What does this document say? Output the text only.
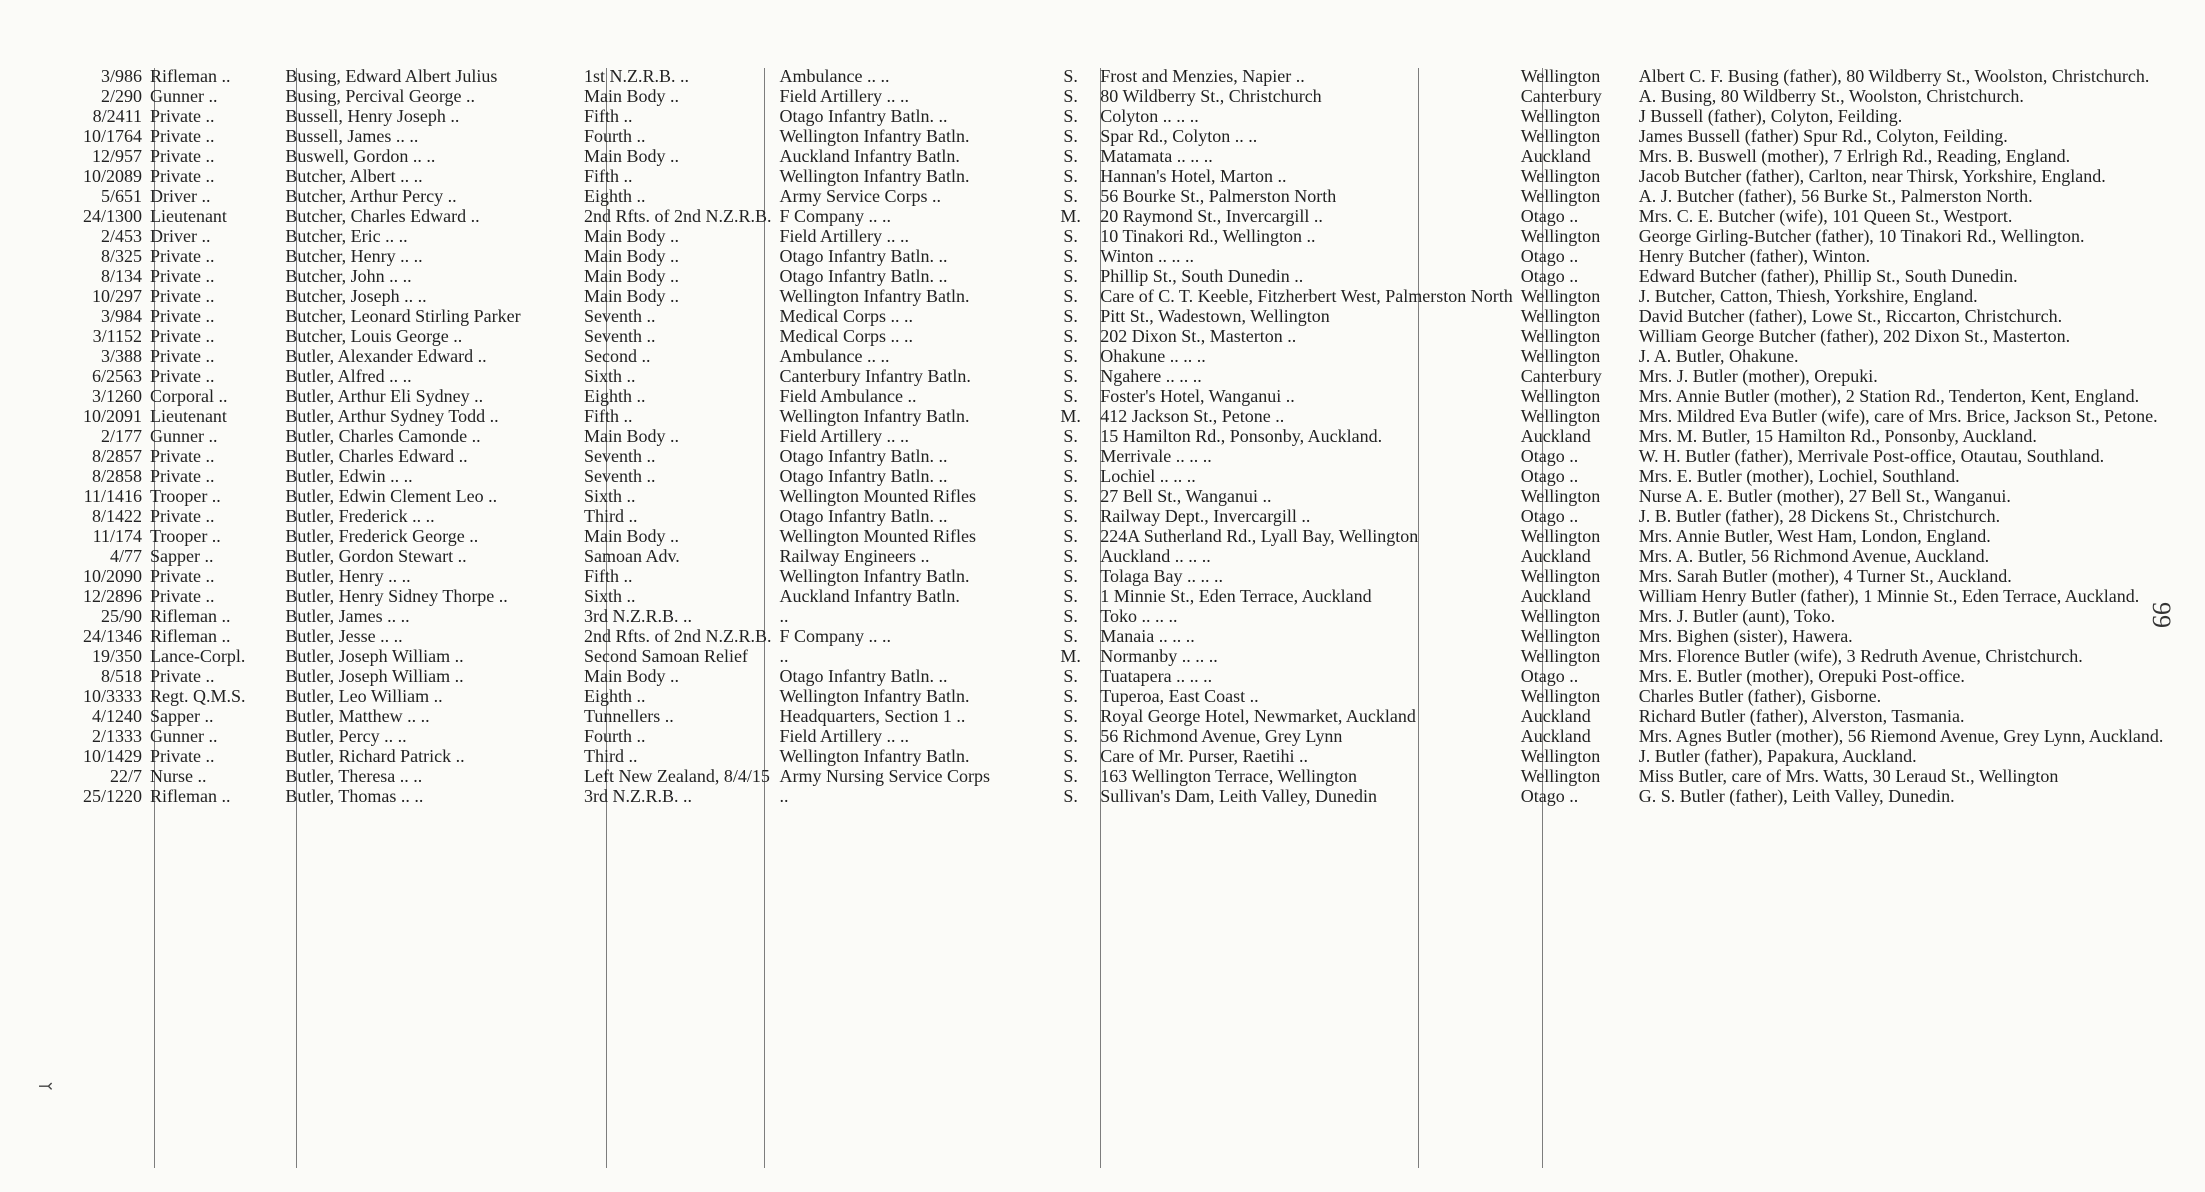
3/986	Rifleman ..	Busing, Edward Albert Julius	1st N.Z.R.B. ..	Ambulance .. ..	S.	Frost and Menzies, Napier ..	Wellington	Albert C. F. Busing (father), 80 Wildberry St., Woolston, Christchurch.
2/290	Gunner ..	Busing, Percival George ..	Main Body ..	Field Artillery .. ..	S.	80 Wildberry St., Christchurch	Canterbury	A. Busing, 80 Wildberry St., Woolston, Christchurch.
8/2411	Private ..	Bussell, Henry Joseph ..	Fifth ..	Otago Infantry Batln. ..	S.	Colyton .. .. ..	Wellington	J Bussell (father), Colyton, Feilding.
10/1764	Private ..	Bussell, James .. ..	Fourth ..	Wellington Infantry Batln.	S.	Spar Rd., Colyton .. ..	Wellington	James Bussell (father) Spur Rd., Colyton, Feilding.
12/957	Private ..	Buswell, Gordon .. ..	Main Body ..	Auckland Infantry Batln.	S.	Matamata .. .. ..	Auckland	Mrs. B. Buswell (mother), 7 Erlrigh Rd., Reading, England.
10/2089	Private ..	Butcher, Albert .. ..	Fifth ..	Wellington Infantry Batln.	S.	Hannan's Hotel, Marton ..	Wellington	Jacob Butcher (father), Carlton, near Thirsk, Yorkshire, England.
5/651	Driver ..	Butcher, Arthur Percy ..	Eighth ..	Army Service Corps ..	S.	56 Bourke St., Palmerston North	Wellington	A. J. Butcher (father), 56 Burke St., Palmerston North.
24/1300	Lieutenant	Butcher, Charles Edward ..	2nd Rfts. of 2nd N.Z.R.B.	F Company .. ..	M.	20 Raymond St., Invercargill ..	Otago ..	Mrs. C. E. Butcher (wife), 101 Queen St., Westport.
2/453	Driver ..	Butcher, Eric .. ..	Main Body ..	Field Artillery .. ..	S.	10 Tinakori Rd., Wellington ..	Wellington	George Girling-Butcher (father), 10 Tinakori Rd., Wellington.
8/325	Private ..	Butcher, Henry .. ..	Main Body ..	Otago Infantry Batln. ..	S.	Winton .. .. ..	Otago ..	Henry Butcher (father), Winton.
8/134	Private ..	Butcher, John .. ..	Main Body ..	Otago Infantry Batln. ..	S.	Phillip St., South Dunedin ..	Otago ..	Edward Butcher (father), Phillip St., South Dunedin.
10/297	Private ..	Butcher, Joseph .. ..	Main Body ..	Wellington Infantry Batln.	S.	Care of C. T. Keeble, Fitzherbert West, Palmerston North	Wellington	J. Butcher, Catton, Thiesh, Yorkshire, England.
3/984	Private ..	Butcher, Leonard Stirling Parker	Seventh ..	Medical Corps .. ..	S.	Pitt St., Wadestown, Wellington	Wellington	David Butcher (father), Lowe St., Riccarton, Christchurch.
3/1152	Private ..	Butcher, Louis George ..	Seventh ..	Medical Corps .. ..	S.	202 Dixon St., Masterton ..	Wellington	William George Butcher (father), 202 Dixon St., Masterton.
3/388	Private ..	Butler, Alexander Edward ..	Second ..	Ambulance .. ..	S.	Ohakune .. .. ..	Wellington	J. A. Butler, Ohakune.
6/2563	Private ..	Butler, Alfred .. ..	Sixth ..	Canterbury Infantry Batln.	S.	Ngahere .. .. ..	Canterbury	Mrs. J. Butler (mother), Orepuki.
3/1260	Corporal ..	Butler, Arthur Eli Sydney ..	Eighth ..	Field Ambulance ..	S.	Foster's Hotel, Wanganui ..	Wellington	Mrs. Annie Butler (mother), 2 Station Rd., Tenderton, Kent, England.
10/2091	Lieutenant	Butler, Arthur Sydney Todd ..	Fifth ..	Wellington Infantry Batln.	M.	412 Jackson St., Petone ..	Wellington	Mrs. Mildred Eva Butler (wife), care of Mrs. Brice, Jackson St., Petone.
2/177	Gunner ..	Butler, Charles Camonde ..	Main Body ..	Field Artillery .. ..	S.	15 Hamilton Rd., Ponsonby, Auckland.	Auckland	Mrs. M. Butler, 15 Hamilton Rd., Ponsonby, Auckland.
8/2857	Private ..	Butler, Charles Edward ..	Seventh ..	Otago Infantry Batln. ..	S.	Merrivale .. .. ..	Otago ..	W. H. Butler (father), Merrivale Post-office, Otautau, Southland.
8/2858	Private ..	Butler, Edwin .. ..	Seventh ..	Otago Infantry Batln. ..	S.	Lochiel .. .. ..	Otago ..	Mrs. E. Butler (mother), Lochiel, Southland.
11/1416	Trooper ..	Butler, Edwin Clement Leo ..	Sixth ..	Wellington Mounted Rifles	S.	27 Bell St., Wanganui ..	Wellington	Nurse A. E. Butler (mother), 27 Bell St., Wanganui.
8/1422	Private ..	Butler, Frederick .. ..	Third ..	Otago Infantry Batln. ..	S.	Railway Dept., Invercargill ..	Otago ..	J. B. Butler (father), 28 Dickens St., Christchurch.
11/174	Trooper ..	Butler, Frederick George ..	Main Body ..	Wellington Mounted Rifles	S.	224A Sutherland Rd., Lyall Bay, Wellington	Wellington	Mrs. Annie Butler, West Ham, London, England.
4/77	Sapper ..	Butler, Gordon Stewart ..	Samoan Adv.	Railway Engineers ..	S.	Auckland .. .. ..	Auckland	Mrs. A. Butler, 56 Richmond Avenue, Auckland.
10/2090	Private ..	Butler, Henry .. ..	Fifth ..	Wellington Infantry Batln.	S.	Tolaga Bay .. .. ..	Wellington	Mrs. Sarah Butler (mother), 4 Turner St., Auckland.
12/2896	Private ..	Butler, Henry Sidney Thorpe ..	Sixth ..	Auckland Infantry Batln.	S.	1 Minnie St., Eden Terrace, Auckland	Auckland	William Henry Butler (father), 1 Minnie St., Eden Terrace, Auckland.
25/90	Rifleman ..	Butler, James .. ..	3rd N.Z.R.B. ..	..	S.	Toko .. .. ..	Wellington	Mrs. J. Butler (aunt), Toko.
24/1346	Rifleman ..	Butler, Jesse .. ..	2nd Rfts. of 2nd N.Z.R.B.	F Company .. ..	S.	Manaia .. .. ..	Wellington	Mrs. Bighen (sister), Hawera.
19/350	Lance-Corpl.	Butler, Joseph William ..	Second Samoan Relief	..	M.	Normanby .. .. ..	Wellington	Mrs. Florence Butler (wife), 3 Redruth Avenue, Christchurch.
8/518	Private ..	Butler, Joseph William ..	Main Body ..	Otago Infantry Batln. ..	S.	Tuatapera .. .. ..	Otago ..	Mrs. E. Butler (mother), Orepuki Post-office.
10/3333	Regt. Q.M.S.	Butler, Leo William ..	Eighth ..	Wellington Infantry Batln.	S.	Tuperoa, East Coast ..	Wellington	Charles Butler (father), Gisborne.
4/1240	Sapper ..	Butler, Matthew .. ..	Tunnellers ..	Headquarters, Section 1 ..	S.	Royal George Hotel, Newmarket, Auckland	Auckland	Richard Butler (father), Alverston, Tasmania.
2/1333	Gunner ..	Butler, Percy .. ..	Fourth ..	Field Artillery .. ..	S.	56 Richmond Avenue, Grey Lynn	Auckland	Mrs. Agnes Butler (mother), 56 Riemond Avenue, Grey Lynn, Auckland.
10/1429	Private ..	Butler, Richard Patrick ..	Third ..	Wellington Infantry Batln.	S.	Care of Mr. Purser, Raetihi ..	Wellington	J. Butler (father), Papakura, Auckland.
22/7	Nurse ..	Butler, Theresa .. ..	Left New Zealand, 8/4/15	Army Nursing Service Corps	S.	163 Wellington Terrace, Wellington	Wellington	Miss Butler, care of Mrs. Watts, 30 Leraud St., Wellington
25/1220	Rifleman ..	Butler, Thomas .. ..	3rd N.Z.R.B. ..	..	S.	Sullivan's Dam, Leith Valley, Dunedin	Otago ..	G. S. Butler (father), Leith Valley, Dunedin.
99
⤙
